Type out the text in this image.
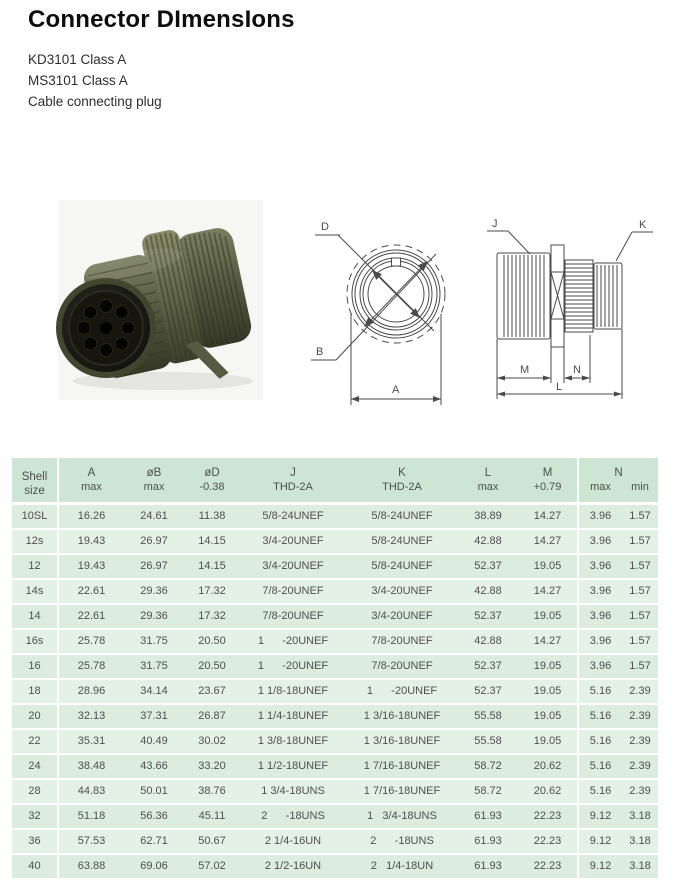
Connector DImensIons
KD3101 Class A
MS3101 Class A
Cable connecting plug
D
B
A
J	K
M	N
L
Shell size	A	øB	øD	J	K	L	M	N	
	max	max	-0.38	THD-2A	THD-2A	max	+0.79	max	min
10SL	16.26	24.61	11.38	5/8-24UNEF	5/8-24UNEF	38.89	14.27	3.96	1.57
12s	19.43	26.97	14.15	3/4-20UNEF	5/8-24UNEF	42.88	14.27	3.96	1.57
12	19.43	26.97	14.15	3/4-20UNEF	5/8-24UNEF	52.37	19.05	3.96	1.57
14s	22.61	29.36	17.32	7/8-20UNEF	3/4-20UNEF	42.88	14.27	3.96	1.57
14	22.61	29.36	17.32	7/8-20UNEF	3/4-20UNEF	52.37	19.05	3.96	1.57
16s	25.78	31.75	20.50	1      -20UNEF	7/8-20UNEF	42.88	14.27	3.96	1.57
16	25.78	31.75	20.50	1      -20UNEF	7/8-20UNEF	52.37	19.05	3.96	1.57
18	28.96	34.14	23.67	1 1/8-18UNEF	1      -20UNEF	52.37	19.05	5.16	2.39
20	32.13	37.31	26.87	1 1/4-18UNEF	1 3/16-18UNEF	55.58	19.05	5.16	2.39
22	35.31	40.49	30.02	1 3/8-18UNEF	1 3/16-18UNEF	55.58	19.05	5.16	2.39
24	38.48	43.66	33.20	1 1/2-18UNEF	1 7/16-18UNEF	58.72	20.62	5.16	2.39
28	44.83	50.01	38.76	1 3/4-18UNS	1 7/16-18UNEF	58.72	20.62	5.16	2.39
32	51.18	56.36	45.11	2      -18UNS	1   3/4-18UNS	61.93	22.23	9.12	3.18
36	57.53	62.71	50.67	2 1/4-16UN	2      -18UNS	61.93	22.23	9.12	3.18
40	63.88	69.06	57.02	2 1/2-16UN	2   1/4-18UN	61.93	22.23	9.12	3.18
